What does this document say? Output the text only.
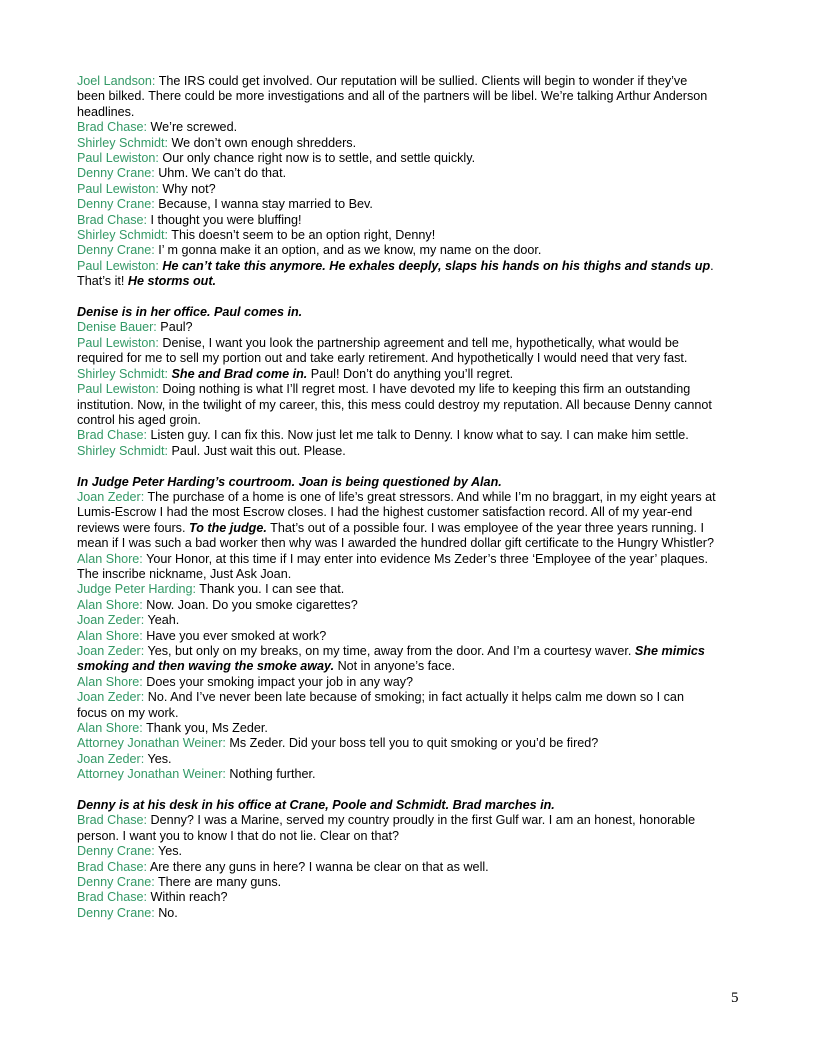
Joel Landson: The IRS could get involved. Our reputation will be sullied. Clients will begin to wonder if they’ve been bilked. There could be more investigations and all of the partners will be libel. We’re talking Arthur Anderson headlines.

Brad Chase: We’re screwed.

Shirley Schmidt: We don’t own enough shredders.

Paul Lewiston: Our only chance right now is to settle, and settle quickly.

Denny Crane: Uhm. We can’t do that.

Paul Lewiston: Why not?

Denny Crane: Because, I wanna stay married to Bev.

Brad Chase: I thought you were bluffing!

Shirley Schmidt: This doesn’t seem to be an option right, Denny!

Denny Crane: I’ m gonna make it an option, and as we know, my name on the door.

Paul Lewiston: He can’t take this anymore. He exhales deeply, slaps his hands on his thighs and stands up. That’s it! He storms out.

Denise is in her office. Paul comes in.

Denise Bauer: Paul?

Paul Lewiston: Denise, I want you look the partnership agreement and tell me, hypothetically, what would be required for me to sell my portion out and take early retirement. And hypothetically I would need that very fast.

Shirley Schmidt: She and Brad come in. Paul! Don’t do anything you’ll regret.

Paul Lewiston: Doing nothing is what I’ll regret most. I have devoted my life to keeping this firm an outstanding institution. Now, in the twilight of my career, this, this mess could destroy my reputation. All because Denny cannot control his aged groin.

Brad Chase: Listen guy. I can fix this. Now just let me talk to Denny. I know what to say. I can make him settle.

Shirley Schmidt: Paul. Just wait this out. Please.

In Judge Peter Harding’s courtroom. Joan is being questioned by Alan.

Joan Zeder: The purchase of a home is one of life’s great stressors. And while I’m no braggart, in my eight years at Lumis-Escrow I had the most Escrow closes. I had the highest customer satisfaction record. All of my year-end reviews were fours. To the judge. That’s out of a possible four. I was employee of the year three years running. I mean if I was such a bad worker then why was I awarded the hundred dollar gift certificate to the Hungry Whistler?

Alan Shore: Your Honor, at this time if I may enter into evidence Ms Zeder’s three ‘Employee of the year’ plaques. The inscribe nickname, Just Ask Joan.

Judge Peter Harding: Thank you. I can see that.

Alan Shore: Now. Joan. Do you smoke cigarettes?

Joan Zeder: Yeah.

Alan Shore: Have you ever smoked at work?

Joan Zeder: Yes, but only on my breaks, on my time, away from the door. And I’m a courtesy waver. She mimics smoking and then waving the smoke away. Not in anyone’s face.

Alan Shore: Does your smoking impact your job in any way?

Joan Zeder: No. And I’ve never been late because of smoking; in fact actually it helps calm me down so I can focus on my work.

Alan Shore: Thank you, Ms Zeder.

Attorney Jonathan Weiner: Ms Zeder. Did your boss tell you to quit smoking or you’d be fired?

Joan Zeder: Yes.

Attorney Jonathan Weiner: Nothing further.

Denny is at his desk in his office at Crane, Poole and Schmidt. Brad marches in.

Brad Chase: Denny? I was a Marine, served my country proudly in the first Gulf war. I am an honest, honorable person. I want you to know I that do not lie. Clear on that?

Denny Crane: Yes.

Brad Chase: Are there any guns in here? I wanna be clear on that as well.

Denny Crane: There are many guns.

Brad Chase: Within reach?

Denny Crane: No.

5
